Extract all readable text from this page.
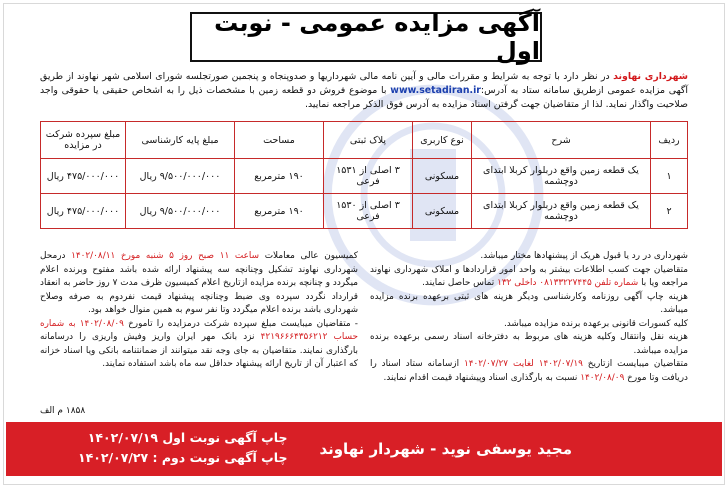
آگهی مزایده عمومی - نوبت اول
شهرداری نهاوند در نظر دارد با توجه به شرایط و مقررات مالی و آیین نامه مالی شهرداریها و صدوپنجاه و پنجمین صورتجلسه شورای اسلامی شهر نهاوند از طریق آگهی مزایده عمومی ازطریق سامانه ستاد به آدرس:www.setadiran.ir با موضوع فروش دو قطعه زمین با مشخصات ذیل را به اشخاص حقیقی یا حقوقی واجد صلاحیت واگذار نماید. لذا از متقاضیان جهت گرفتن اسناد مزایده به آدرس فوق الذکر مراجعه نمایید.
ردیف	شرح	نوع کاربری	پلاک ثبتی	مساحت	مبلغ پایه کارشناسی	مبلغ سپرده شرکت در مزایده
۱	یک قطعه زمین واقع دربلوار کربلا ابتدای دوچشمه	مسکونی	۳ اصلی از ۱۵۳۱ فرعی	۱۹۰ مترمربع	۹/۵۰۰/۰۰۰/۰۰۰ ریال	۴۷۵/۰۰۰/۰۰۰ ریال
۲	یک قطعه زمین واقع دربلوار کربلا ابتدای دوچشمه	مسکونی	۳ اصلی از ۱۵۳۰ فرعی	۱۹۰ مترمربع	۹/۵۰۰/۰۰۰/۰۰۰ ریال	۴۷۵/۰۰۰/۰۰۰ ریال
شهرداری در رد یا قبول هریک از پیشنهادها مختار میباشد.
متقاضیان جهت کسب اطلاعات بیشتر به واحد امور قراردادها و املاک شهرداری نهاوند مراجعه ویا با شماره تلفن ۰۸۱۳۳۲۲۷۴۴۵ داخلی ۱۳۲ تماس حاصل نمایند.
هزینه چاپ آگهی روزنامه وکارشناسی ودیگر هزینه های ثبتی برعهده برنده مزایده میباشد.
کلیه کسورات قانونی برعهده برنده مزایده میباشد.
هزینه نقل وانتقال وکلیه هزینه های مربوط به دفترخانه اسناد رسمی برعهده برنده مزایده میباشد.
متقاضیان میبایست ازتاریخ ۱۴۰۲/۰۷/۱۹ لغایت ۱۴۰۲/۰۷/۲۷ ازسامانه ستاد اسناد را دریافت وتا مورخ ۱۴۰۲/۰۸/۰۹ نسبت به بارگذاری اسناد وپیشنهاد قیمت اقدام نمایند.
کمیسیون عالی معاملات ساعت ۱۱ صبح روز ۵ شنبه مورخ ۱۴۰۲/۰۸/۱۱ درمحل شهرداری نهاوند تشکیل وچنانچه سه پیشنهاد ارائه شده باشد مفتوح وبرنده اعلام میگردد و چنانچه برنده مزایده ازتاریخ اعلام کمیسیون ظرف مدت ۷ روز حاضر به انعقاد قرارداد نگردد سپرده وی ضبط وچنانچه پیشنهاد قیمت نفردوم به صرفه وصلاح شهرداری باشد برنده اعلام میگردد وتا نفر سوم به همین منوال خواهد بود.
- متقاضیان میبایست مبلغ سپرده شرکت درمزایده را تامورخ ۱۴۰۲/۰۸/۰۹ به شماره حساب ۴۲۱۹۶۶۶۴۳۵۶۲۱۲ نزد بانک مهر ایران واریز وفیش واریزی را درسامانه بارگذاری نمایند. متقاضیان به جای وجه نقد میتوانند از ضمانتنامه بانکی ویا اسناد خزانه که اعتبار آن از تاریخ ارائه پیشنهاد حداقل سه ماه باشد استفاده نمایند.
۱۸۵۸ م الف
مجید یوسفی نوید - شهردار نهاوند
چاپ آگهی نوبت اول ۱۴۰۲/۰۷/۱۹
چاپ آگهی نوبت دوم : ۱۴۰۲/۰۷/۲۷
